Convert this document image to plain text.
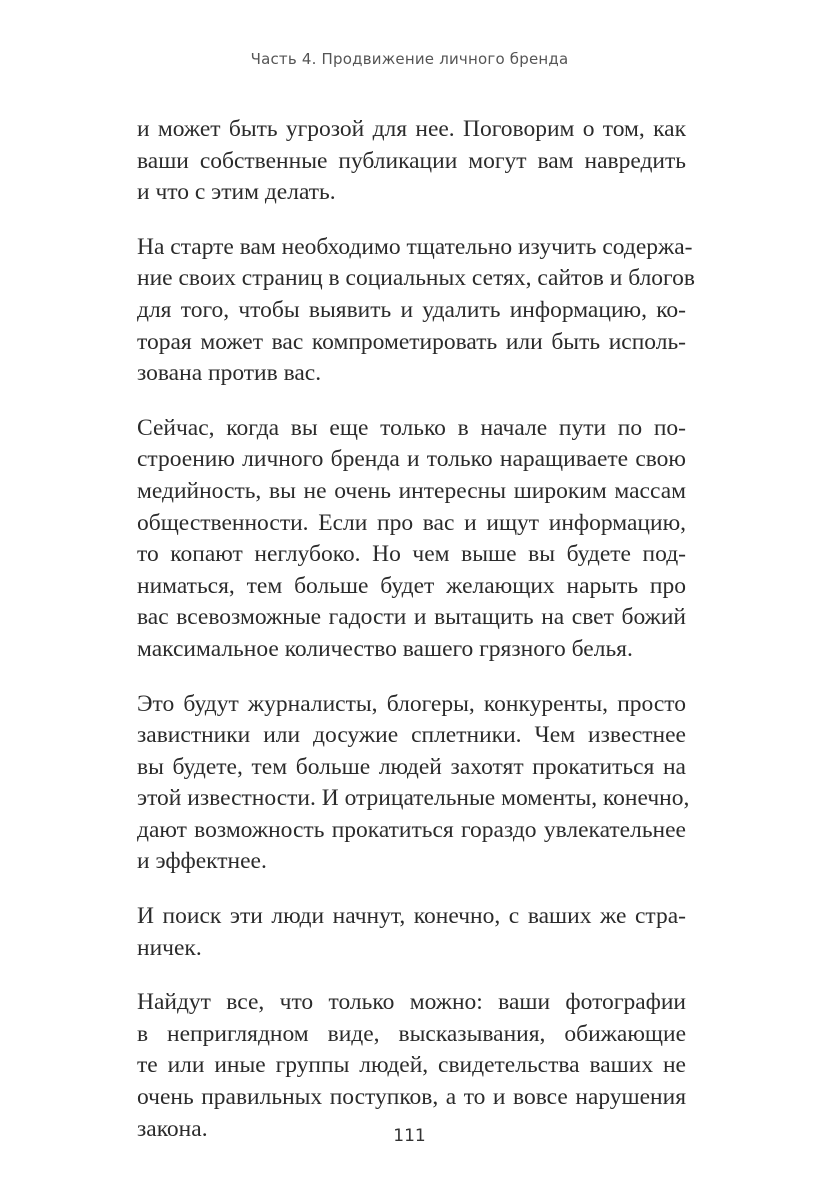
Часть 4. Продвижение личного бренда
и может быть угрозой для нее. Поговорим о том, как
ваши собственные публикации могут вам навредить
и что с этим делать.
На старте вам необходимо тщательно изучить содержа-
ние своих страниц в социальных сетях, сайтов и блогов
для того, чтобы выявить и удалить информацию, ко-
торая может вас компрометировать или быть исполь-
зована против вас.
Сейчас, когда вы еще только в начале пути по по-
строению личного бренда и только наращиваете свою
медийность, вы не очень интересны широким массам
общественности. Если про вас и ищут информацию,
то копают неглубоко. Но чем выше вы будете под-
ниматься, тем больше будет желающих нарыть про
вас всевозможные гадости и вытащить на свет божий
максимальное количество вашего грязного белья.
Это будут журналисты, блогеры, конкуренты, просто
завистники или досужие сплетники. Чем известнее
вы будете, тем больше людей захотят прокатиться на
этой известности. И отрицательные моменты, конечно,
дают возможность прокатиться гораздо увлекательнее
и эффектнее.
И поиск эти люди начнут, конечно, с ваших же стра-
ничек.
Найдут все, что только можно: ваши фотографии
в неприглядном виде, высказывания, обижающие
те или иные группы людей, свидетельства ваших не
очень правильных поступков, а то и вовсе нарушения
закона.	111
